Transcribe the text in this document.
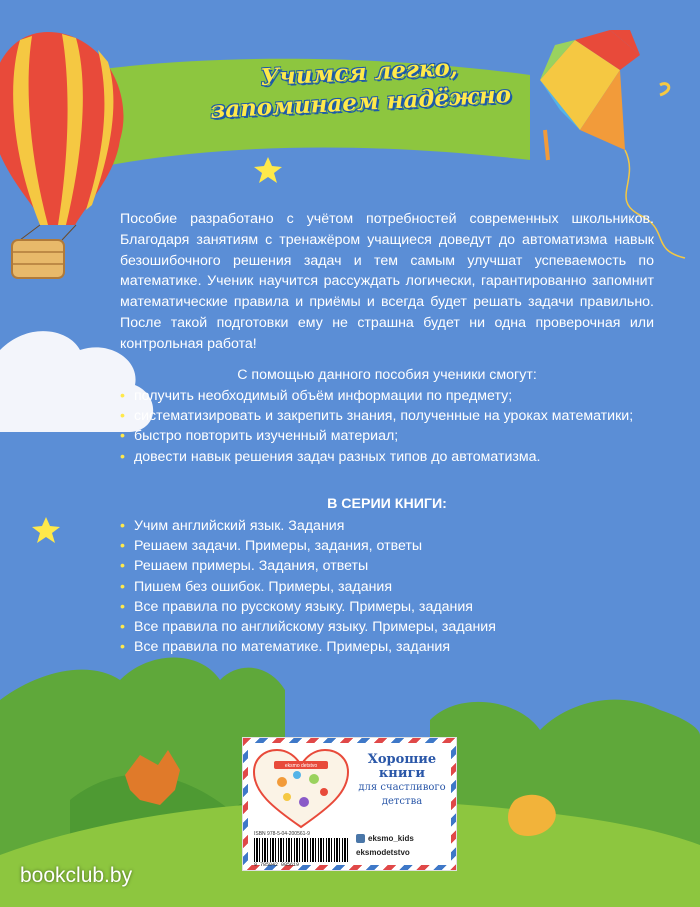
Учимся легко,
запоминаем надёжно

Пособие разработано с учётом потребностей современных школьников. Благодаря занятиям с тренажёром учащиеся доведут до автоматизма навык безошибочного решения задач и тем самым улучшат успеваемость по математике. Ученик научится рассуждать логически, гарантированно запомнит математические правила и приёмы и всегда будет решать задачи правильно. После такой подготовки ему не страшна будет ни одна проверочная или контрольная работа!

С помощью данного пособия ученики смогут:

• получить необходимый объём информации по предмету;
• систематизировать и закрепить знания, полученные на уроках математики;
• быстро повторить изученный материал;
• довести навык решения задач разных типов до автоматизма.

В СЕРИИ КНИГИ:

• Учим английский язык. Задания
• Решаем задачи. Примеры, задания, ответы
• Решаем примеры. Задания, ответы
• Пишем без ошибок. Примеры, задания
• Все правила по русскому языку. Примеры, задания
• Все правила по английскому языку. Примеры, задания
• Все правила по математике. Примеры, задания
eksmo detstvo
ISBN 978-5-04-200561-9
9 785042 005619
Хорошие
книги
для счастливого
детства
eksmo_kids
eksmodetstvo
bookclub.by
